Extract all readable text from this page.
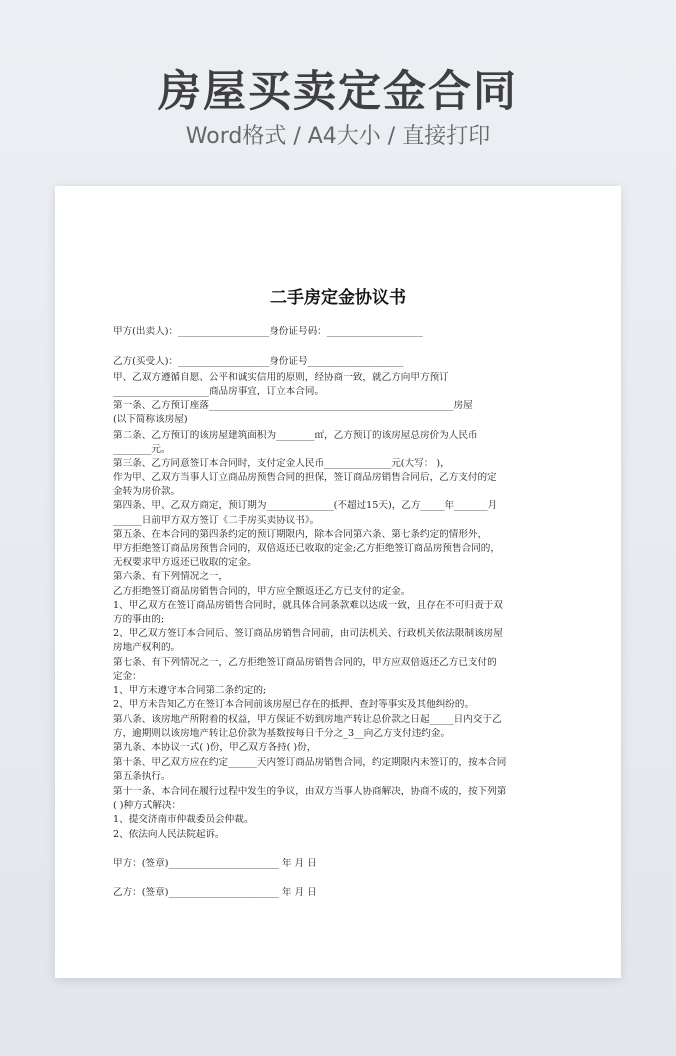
房屋买卖定金合同
Word格式 / A4大小 / 直接打印
二手房定金协议书
甲方(出卖人)：___________________身份证号码：____________________
乙方(买受人)：___________________身份证号____________________
甲、乙双方遵循自愿、公平和诚实信用的原则，经协商一致，就乙方向甲方预订
____________________商品房事宜，订立本合同。
第一条、乙方预订座落___________________________________________________房屋
(以下简称该房屋)
第二条、乙方预订的该房屋建筑面积为________㎡，乙方预订的该房屋总房价为人民币
________元。
第三条、乙方同意签订本合同时，支付定金人民币______________元(大写： )，
作为甲、乙双方当事人订立商品房预售合同的担保，签订商品房销售合同后，乙方支付的定
金转为房价款。
第四条、甲、乙双方商定，预订期为______________(不超过15天)，乙方_____年_______月
______日前甲方双方签订《二手房买卖协议书》。
第五条、在本合同的第四条约定的预订期限内，除本合同第六条、第七条约定的情形外，
甲方拒绝签订商品房预售合同的，双倍返还已收取的定金;乙方拒绝签订商品房预售合同的，
无权要求甲方返还已收取的定金。
第六条、有下列情况之一，
乙方拒绝签订商品房销售合同的，甲方应全额返还乙方已支付的定金。
1、甲乙双方在签订商品房销售合同时，就具体合同条款难以达成一致，且存在不可归责于双
方的事由的;
2、甲乙双方签订本合同后、签订商品房销售合同前，由司法机关、行政机关依法限制该房屋
房地产权利的。
第七条、有下列情况之一，乙方拒绝签订商品房销售合同的，甲方应双倍返还乙方已支付的
定金：
1、甲方未遵守本合同第二条约定的;
2、甲方未告知乙方在签订本合同前该房屋已存在的抵押、查封等事实及其他纠纷的。
第八条、该房地产所附着的权益，甲方保证不妨到房地产转让总价款之日起_____日内交于乙
方，逾期则以该房地产转让总价款为基数按每日千分之_3__向乙方支付违约金。
第九条、本协议一式( )份，甲乙双方各持( )份，
第十条、甲乙双方应在约定______天内签订商品房销售合同，约定期限内未签订的，按本合同
第五条执行。
第十一条、本合同在履行过程中发生的争议，由双方当事人协商解决，协商不成的，按下列第
( )种方式解决：
1、提交济南市仲裁委员会仲裁。
2、依法向人民法院起诉。
甲方：(签章)_______________________ 年 月 日
乙方：(签章)_______________________ 年 月 日
